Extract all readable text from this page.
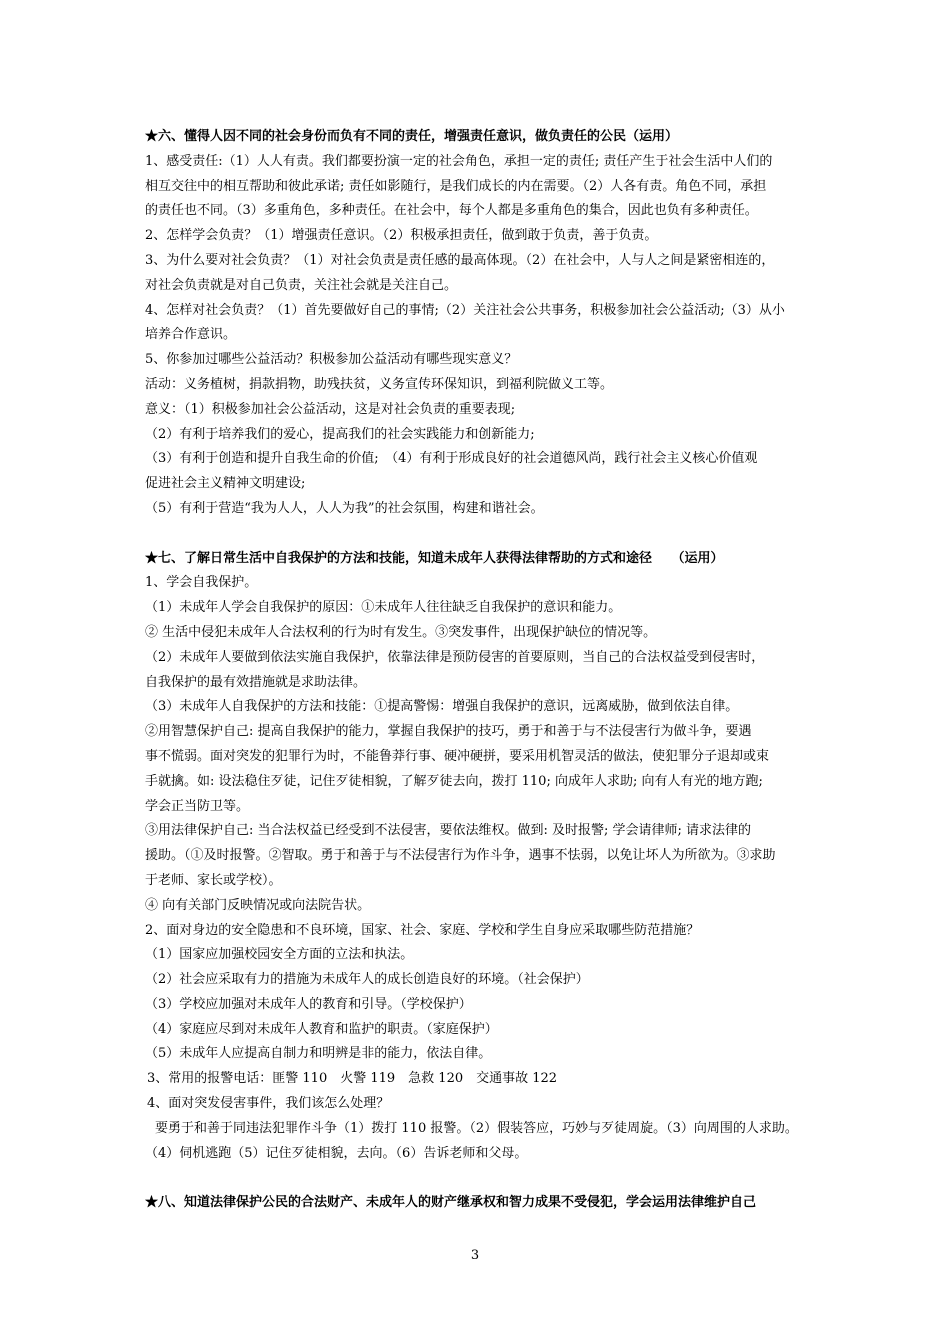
★六、懂得人因不同的社会身份而负有不同的责任，增强责任意识，做负责任的公民（运用）
1、感受责任:（1）人人有责。我们都要扮演一定的社会角色，承担一定的责任; 责任产生于社会生活中人们的
相互交往中的相互帮助和彼此承诺; 责任如影随行，是我们成长的内在需要。（2）人各有责。角色不同，承担
的责任也不同。（3）多重角色，多种责任。在社会中，每个人都是多重角色的集合，因此也负有多种责任。
2、怎样学会负责？（1）增强责任意识。（2）积极承担责任，做到敢于负责，善于负责。
3、为什么要对社会负责？（1）对社会负责是责任感的最高体现。（2）在社会中，人与人之间是紧密相连的，
对社会负责就是对自己负责，关注社会就是关注自己。
4、怎样对社会负责？（1）首先要做好自己的事情;（2）关注社会公共事务，积极参加社会公益活动;（3）从小
培养合作意识。
5、你参加过哪些公益活动？积极参加公益活动有哪些现实意义？
活动：义务植树，捐款捐物，助残扶贫，义务宣传环保知识，到福利院做义工等。
意义：（1）积极参加社会公益活动，这是对社会负责的重要表现;
（2）有利于培养我们的爱心，提高我们的社会实践能力和创新能力;
（3）有利于创造和提升自我生命的价值;　（4）有利于形成良好的社会道德风尚，践行社会主义核心价值观
促进社会主义精神文明建设;
（5）有利于营造“我为人人，人人为我”的社会氛围，构建和谐社会。
★七、了解日常生活中自我保护的方法和技能，知道未成年人获得法律帮助的方式和途径　　（运用）
1、学会自我保护。
（1）未成年人学会自我保护的原因：①未成年人往往缺乏自我保护的意识和能力。
② 生活中侵犯未成年人合法权利的行为时有发生。③突发事件，出现保护缺位的情况等。
（2）未成年人要做到依法实施自我保护，依靠法律是预防侵害的首要原则，当自己的合法权益受到侵害时，
自我保护的最有效措施就是求助法律。
（3）未成年人自我保护的方法和技能：①提高警惕：增强自我保护的意识，远离威胁，做到依法自律。
②用智慧保护自己: 提高自我保护的能力，掌握自我保护的技巧，勇于和善于与不法侵害行为做斗争，要遇
事不慌弱。面对突发的犯罪行为时，不能鲁莽行事、硬冲硬拼，要采用机智灵活的做法，使犯罪分子退却或束
手就擒。如: 设法稳住歹徒，记住歹徒相貌，了解歹徒去向，拨打 110; 向成年人求助; 向有人有光的地方跑;
学会正当防卫等。
③用法律保护自己: 当合法权益已经受到不法侵害，要依法维权。做到: 及时报警; 学会请律师; 请求法律的
援助。（①及时报警。②智取。勇于和善于与不法侵害行为作斗争，遇事不怯弱，以免让坏人为所欲为。③求助
于老师、家长或学校）。
④ 向有关部门反映情况或向法院告状。
2、面对身边的安全隐患和不良环境，国家、社会、家庭、学校和学生自身应采取哪些防范措施？
（1）国家应加强校园安全方面的立法和执法。
（2）社会应采取有力的措施为未成年人的成长创造良好的环境。（社会保护）
（3）学校应加强对未成年人的教育和引导。（学校保护）
（4）家庭应尽到对未成年人教育和监护的职责。（家庭保护）
（5）未成年人应提高自制力和明辨是非的能力，依法自律。
3、常用的报警电话：匪警 110　火警 119　急救 120　交通事故 122
4、面对突发侵害事件，我们该怎么处理？
要勇于和善于同违法犯罪作斗争（1）拨打 110 报警。（2）假装答应，巧妙与歹徒周旋。（3）向周围的人求助。
（4）伺机逃跑（5）记住歹徒相貌，去向。（6）告诉老师和父母。
★八、知道法律保护公民的合法财产、未成年人的财产继承权和智力成果不受侵犯，学会运用法律维护自己
3
